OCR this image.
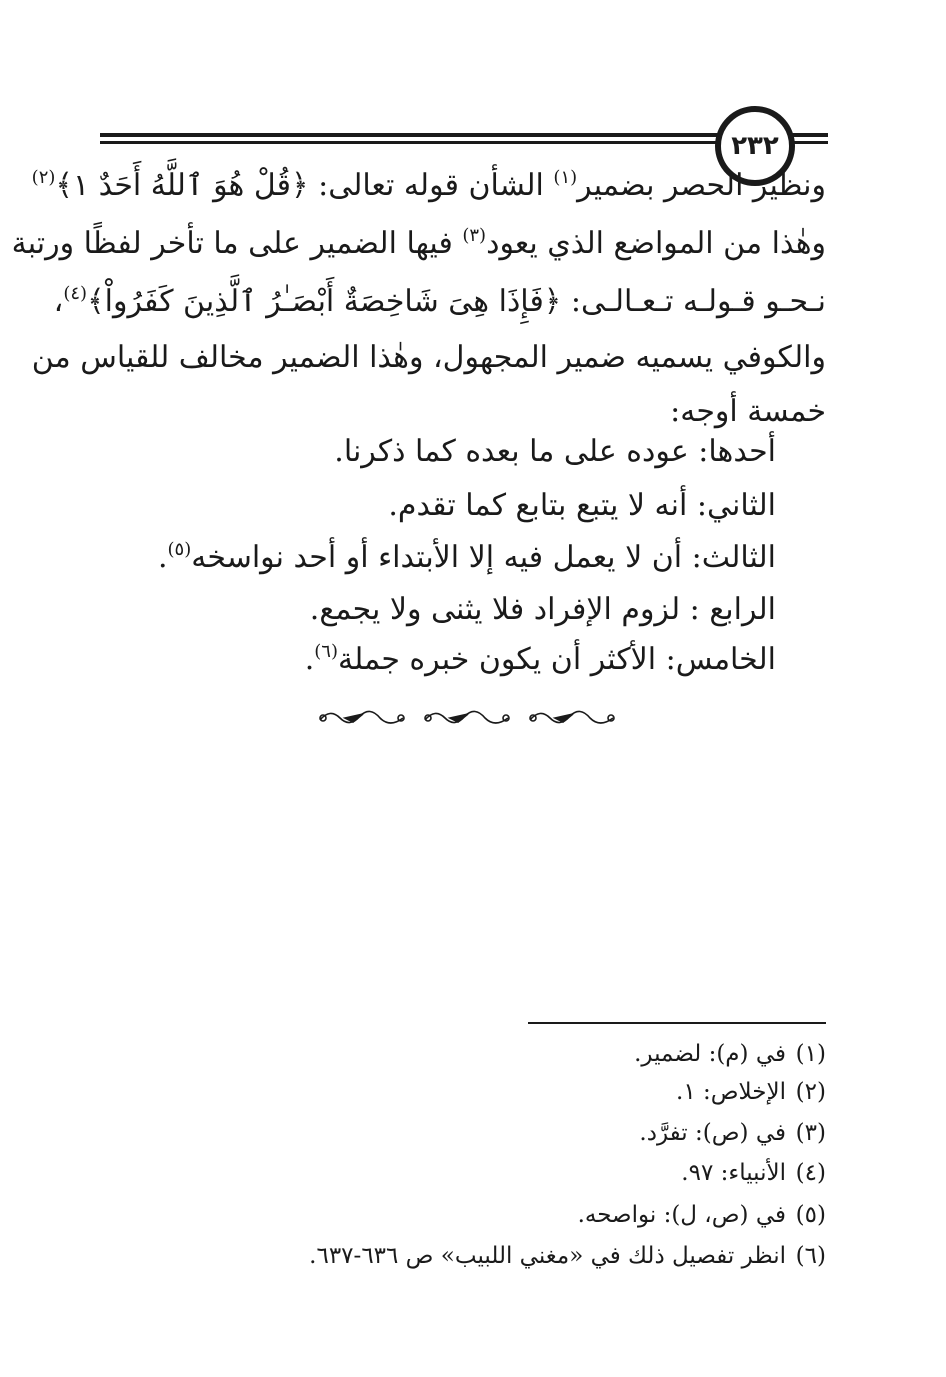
٢٣٢
ونظير الحصر بضمير$^{(١)}$ الشأن قوله تعالى: ﴿قُلْ هُوَ ٱللَّهُ أَحَدٌ ١﴾$^{(٢)}$
وهٰذا من المواضع الذي يعود$^{(٣)}$ فيها الضمير على ما تأخر لفظًا ورتبة
نـحـو قـولـه تـعـالـى: ﴿فَإِذَا هِىَ شَاخِصَةٌ أَبْصَـٰرُ ٱلَّذِينَ كَفَرُواْ﴾$^{(٤)}$،
والكوفي يسميه ضمير المجهول، وهٰذا الضمير مخالف للقياس من
خمسة أوجه:
أحدها: عوده على ما بعده كما ذكرنا.
الثاني: أنه لا يتبع بتابع كما تقدم.
الثالث: أن لا يعمل فيه إلا الأبتداء أو أحد نواسخه$^{(٥)}$.
الرابع : لزوم الإفراد فلا يثنى ولا يجمع.
الخامس: الأكثر أن يكون خبره جملة$^{(٦)}$.
(١)في (م): لضمير.
(٢)الإخلاص: ١.
(٣)في (ص): تفرَّد.
(٤)الأنبياء: ٩٧.
(٥)في (ص، ل): نواصحه.
(٦)انظر تفصيل ذلك في «مغني اللبيب» ص ٦٣٦-٦٣٧.
